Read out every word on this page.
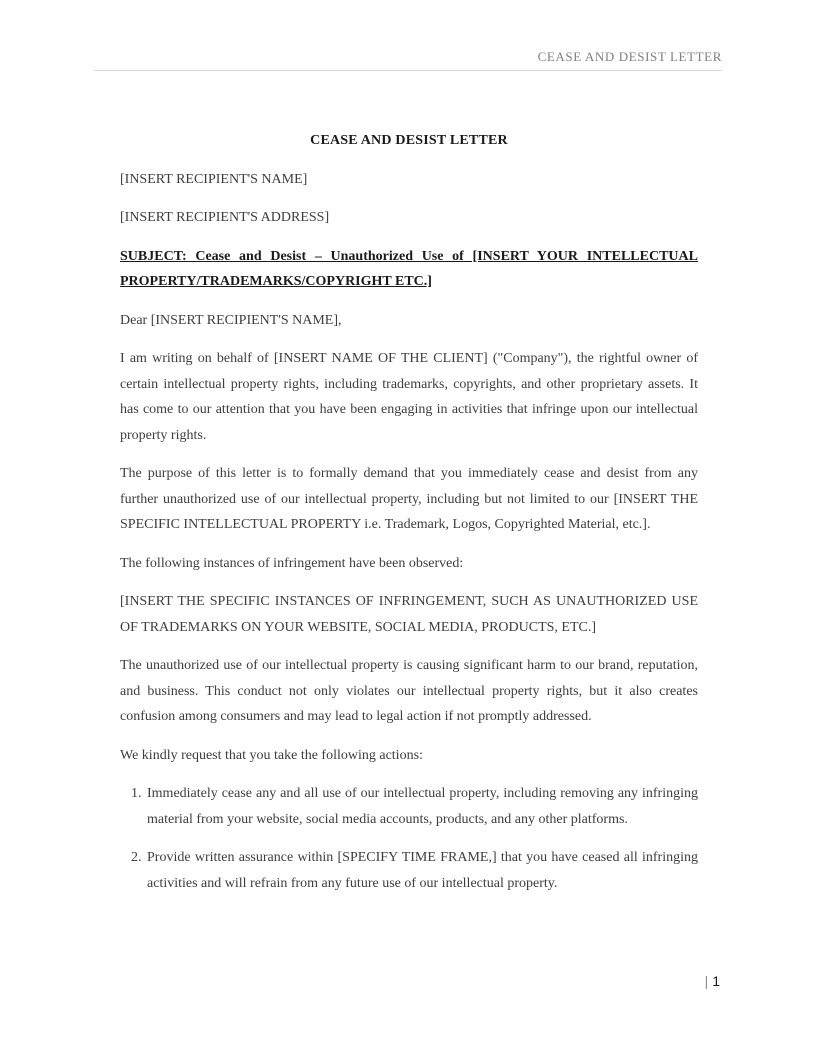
CEASE AND DESIST LETTER

CEASE AND DESIST LETTER

[INSERT RECIPIENT'S NAME]

[INSERT RECIPIENT'S ADDRESS]

SUBJECT: Cease and Desist – Unauthorized Use of [INSERT YOUR INTELLECTUAL PROPERTY/TRADEMARKS/COPYRIGHT ETC.]

Dear [INSERT RECIPIENT'S NAME],

I am writing on behalf of [INSERT NAME OF THE CLIENT] ("Company"), the rightful owner of certain intellectual property rights, including trademarks, copyrights, and other proprietary assets. It has come to our attention that you have been engaging in activities that infringe upon our intellectual property rights.

The purpose of this letter is to formally demand that you immediately cease and desist from any further unauthorized use of our intellectual property, including but not limited to our [INSERT THE SPECIFIC INTELLECTUAL PROPERTY i.e. Trademark, Logos, Copyrighted Material, etc.].

The following instances of infringement have been observed:

[INSERT THE SPECIFIC INSTANCES OF INFRINGEMENT, SUCH AS UNAUTHORIZED USE OF TRADEMARKS ON YOUR WEBSITE, SOCIAL MEDIA, PRODUCTS, ETC.]

The unauthorized use of our intellectual property is causing significant harm to our brand, reputation, and business. This conduct not only violates our intellectual property rights, but it also creates confusion among consumers and may lead to legal action if not promptly addressed.

We kindly request that you take the following actions:

1. Immediately cease any and all use of our intellectual property, including removing any infringing material from your website, social media accounts, products, and any other platforms.
2. Provide written assurance within [SPECIFY TIME FRAME,] that you have ceased all infringing activities and will refrain from any future use of our intellectual property.
| 1
